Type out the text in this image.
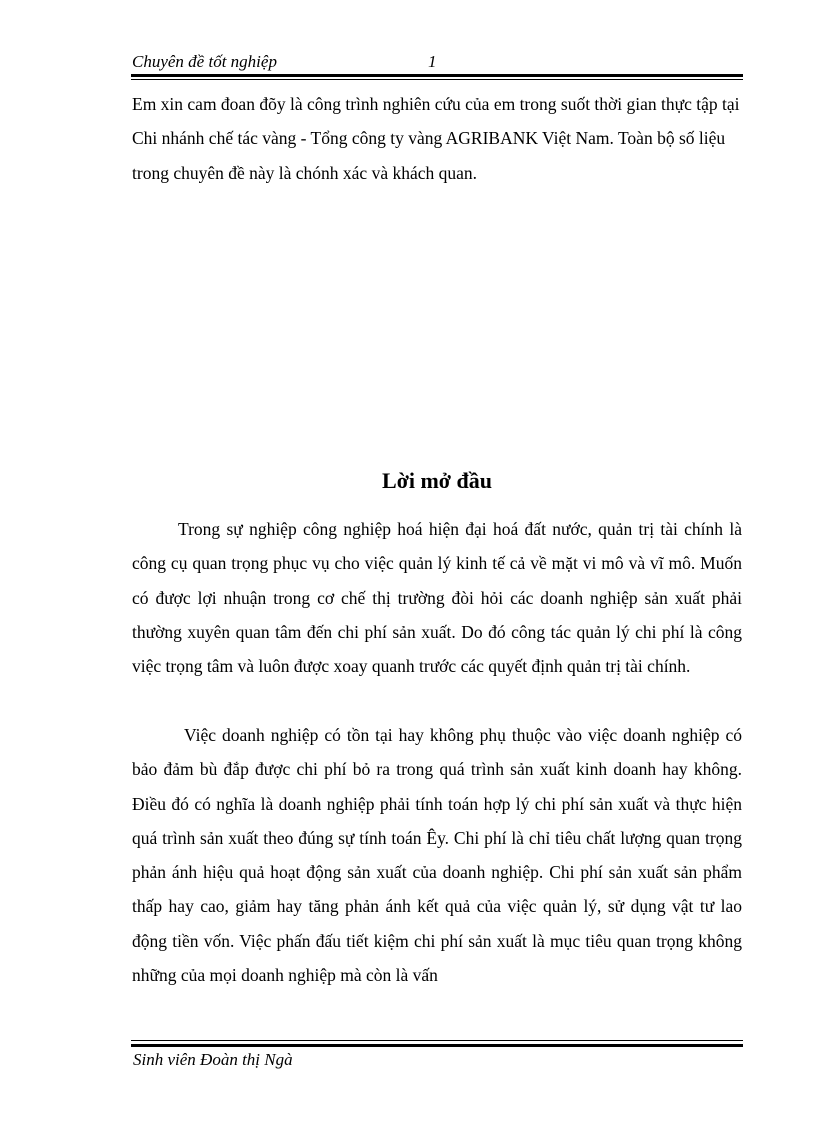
Chuyên đề tốt nghiệp	1
Em xin cam đoan đõy là công trình nghiên cứu của em trong suốt thời gian thực tập tại Chi nhánh chế tác vàng - Tổng công ty vàng AGRIBANK Việt Nam. Toàn bộ số liệu trong chuyên đề này là chónh xác và khách quan.
Lời mở đầu
Trong sự nghiệp công nghiệp hoá hiện đại hoá đất nước, quản trị tài chính là công cụ quan trọng phục vụ cho việc quản lý kinh tế cả về mặt vi mô và vĩ mô. Muốn có được lợi nhuận trong cơ chế thị trường đòi hỏi các doanh nghiệp sản xuất phải thường xuyên quan tâm đến chi phí sản xuất. Do đó công tác quản lý chi phí là công việc trọng tâm và luôn được xoay quanh trước các quyết định quản trị tài chính.
Việc doanh nghiệp có tồn tại hay không phụ thuộc vào việc doanh nghiệp có bảo đảm bù đắp được chi phí bỏ ra trong quá trình sản xuất kinh doanh hay không. Điều đó có nghĩa là doanh nghiệp phải tính toán hợp lý chi phí sản xuất và thực hiện quá trình sản xuất theo đúng sự tính toán Êy. Chi phí là chỉ tiêu chất lượng quan trọng phản ánh hiệu quả hoạt động sản xuất của doanh nghiệp. Chi phí sản xuất sản phẩm thấp hay cao, giảm hay tăng phản ánh kết quả của việc quản lý, sử dụng vật tư lao động tiền vốn. Việc phấn đấu tiết kiệm chi phí sản xuất là mục tiêu quan trọng không những của mọi doanh nghiệp mà còn là vấn
Sinh viên Đoàn thị Ngà
